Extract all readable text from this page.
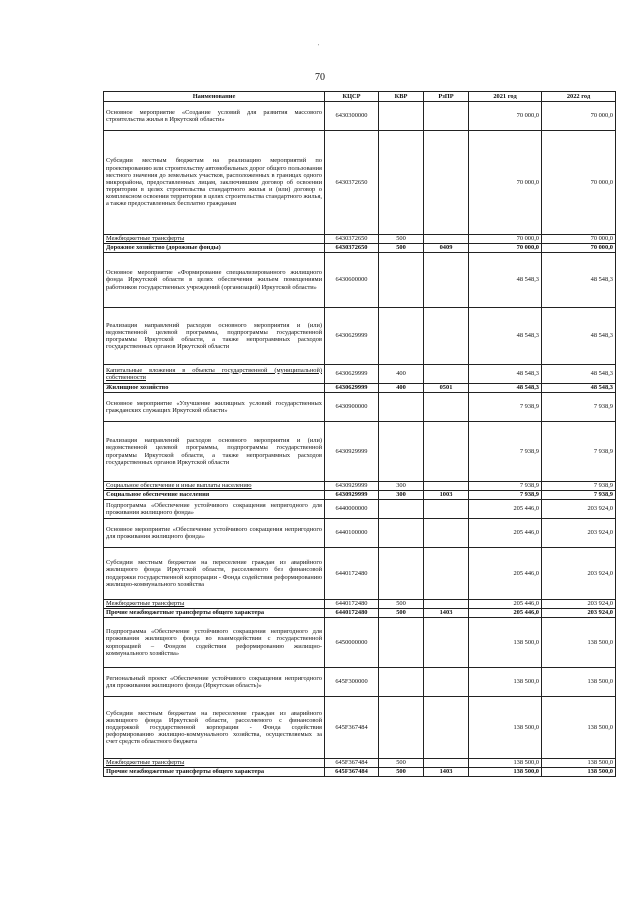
'
70
Наименование	КЦСР	КВР	РзПР	2021 год	2022 год
Основное мероприятие «Создание условий для развития массового строительства жилья в Иркутской области»	6430300000			70 000,0	70 000,0
Субсидии местным бюджетам на реализацию мероприятий по проектированию или строительству автомобильных дорог общего пользования местного значения до земельных участков, расположенных в границах одного микрорайона, предоставленных лицам, заключившим договор об освоении территории в целях строительства стандартного жилья и (или) договор о комплексном освоении территории в целях строительства стандартного жилья, а также предоставленных бесплатно гражданам	6430372650			70 000,0	70 000,0
Межбюджетные трансферты	6430372650	500		70 000,0	70 000,0
Дорожное хозяйство (дорожные фонды)	6430372650	500	0409	70 000,0	70 000,0
Основное мероприятие «Формирование специализированного жилищного фонда Иркутской области в целях обеспечения жильем помещениями работников государственных учреждений (организаций) Иркутской области»	6430600000			48 548,3	48 548,3
Реализация направлений расходов основного мероприятия и (или) ведомственной целевой программы, подпрограммы государственной программы Иркутской области, а также непрограммных расходов государственных органов Иркутской области	6430629999			48 548,3	48 548,3
Капитальные вложения в объекты государственной (муниципальной) собственности	6430629999	400		48 548,3	48 548,3
Жилищное хозяйство	6430629999	400	0501	48 548,3	48 548,3
Основное мероприятие «Улучшение жилищных условий государственных гражданских служащих Иркутской области»	6430900000			7 938,9	7 938,9
Реализация направлений расходов основного мероприятия и (или) ведомственной целевой программы, подпрограммы государственной программы Иркутской области, а также непрограммных расходов государственных органов Иркутской области	6430929999			7 938,9	7 938,9
Социальное обеспечение и иные выплаты населению	6430929999	300		7 938,9	7 938,9
Социальное обеспечение населения	6430929999	300	1003	7 938,9	7 938,9
Подпрограмма «Обеспечение устойчивого сокращения непригодного для проживания жилищного фонда»	6440000000			205 446,0	203 924,0
Основное мероприятие «Обеспечение устойчивого сокращения непригодного для проживания жилищного фонда»	6440100000			205 446,0	203 924,0
Субсидии местным бюджетам на переселение граждан из аварийного жилищного фонда Иркутской области, расселяемого без финансовой поддержки государственной корпорации - Фонда содействия реформированию жилищно-коммунального хозяйства	6440172480			205 446,0	203 924,0
Межбюджетные трансферты	6440172480	500		205 446,0	203 924,0
Прочие межбюджетные трансферты общего характера	6440172480	500	1403	205 446,0	203 924,0
Подпрограмма «Обеспечение устойчивого сокращения непригодного для проживания жилищного фонда во взаимодействии с государственной корпорацией – Фондом содействия реформированию жилищно-коммунального хозяйства»	6450000000			138 500,0	138 500,0
Региональный проект «Обеспечение устойчивого сокращения непригодного для проживания жилищного фонда (Иркутская область)»	645F300000			138 500,0	138 500,0
Субсидии местным бюджетам на переселение граждан из аварийного жилищного фонда Иркутской области, расселяемого с финансовой поддержкой государственной корпорации - Фонда содействия реформированию жилищно-коммунального хозяйства, осуществляемых за счет средств областного бюджета	645F367484			138 500,0	138 500,0
Межбюджетные трансферты	645F367484	500		138 500,0	138 500,0
Прочие межбюджетные трансферты общего характера	645F367484	500	1403	138 500,0	138 500,0
